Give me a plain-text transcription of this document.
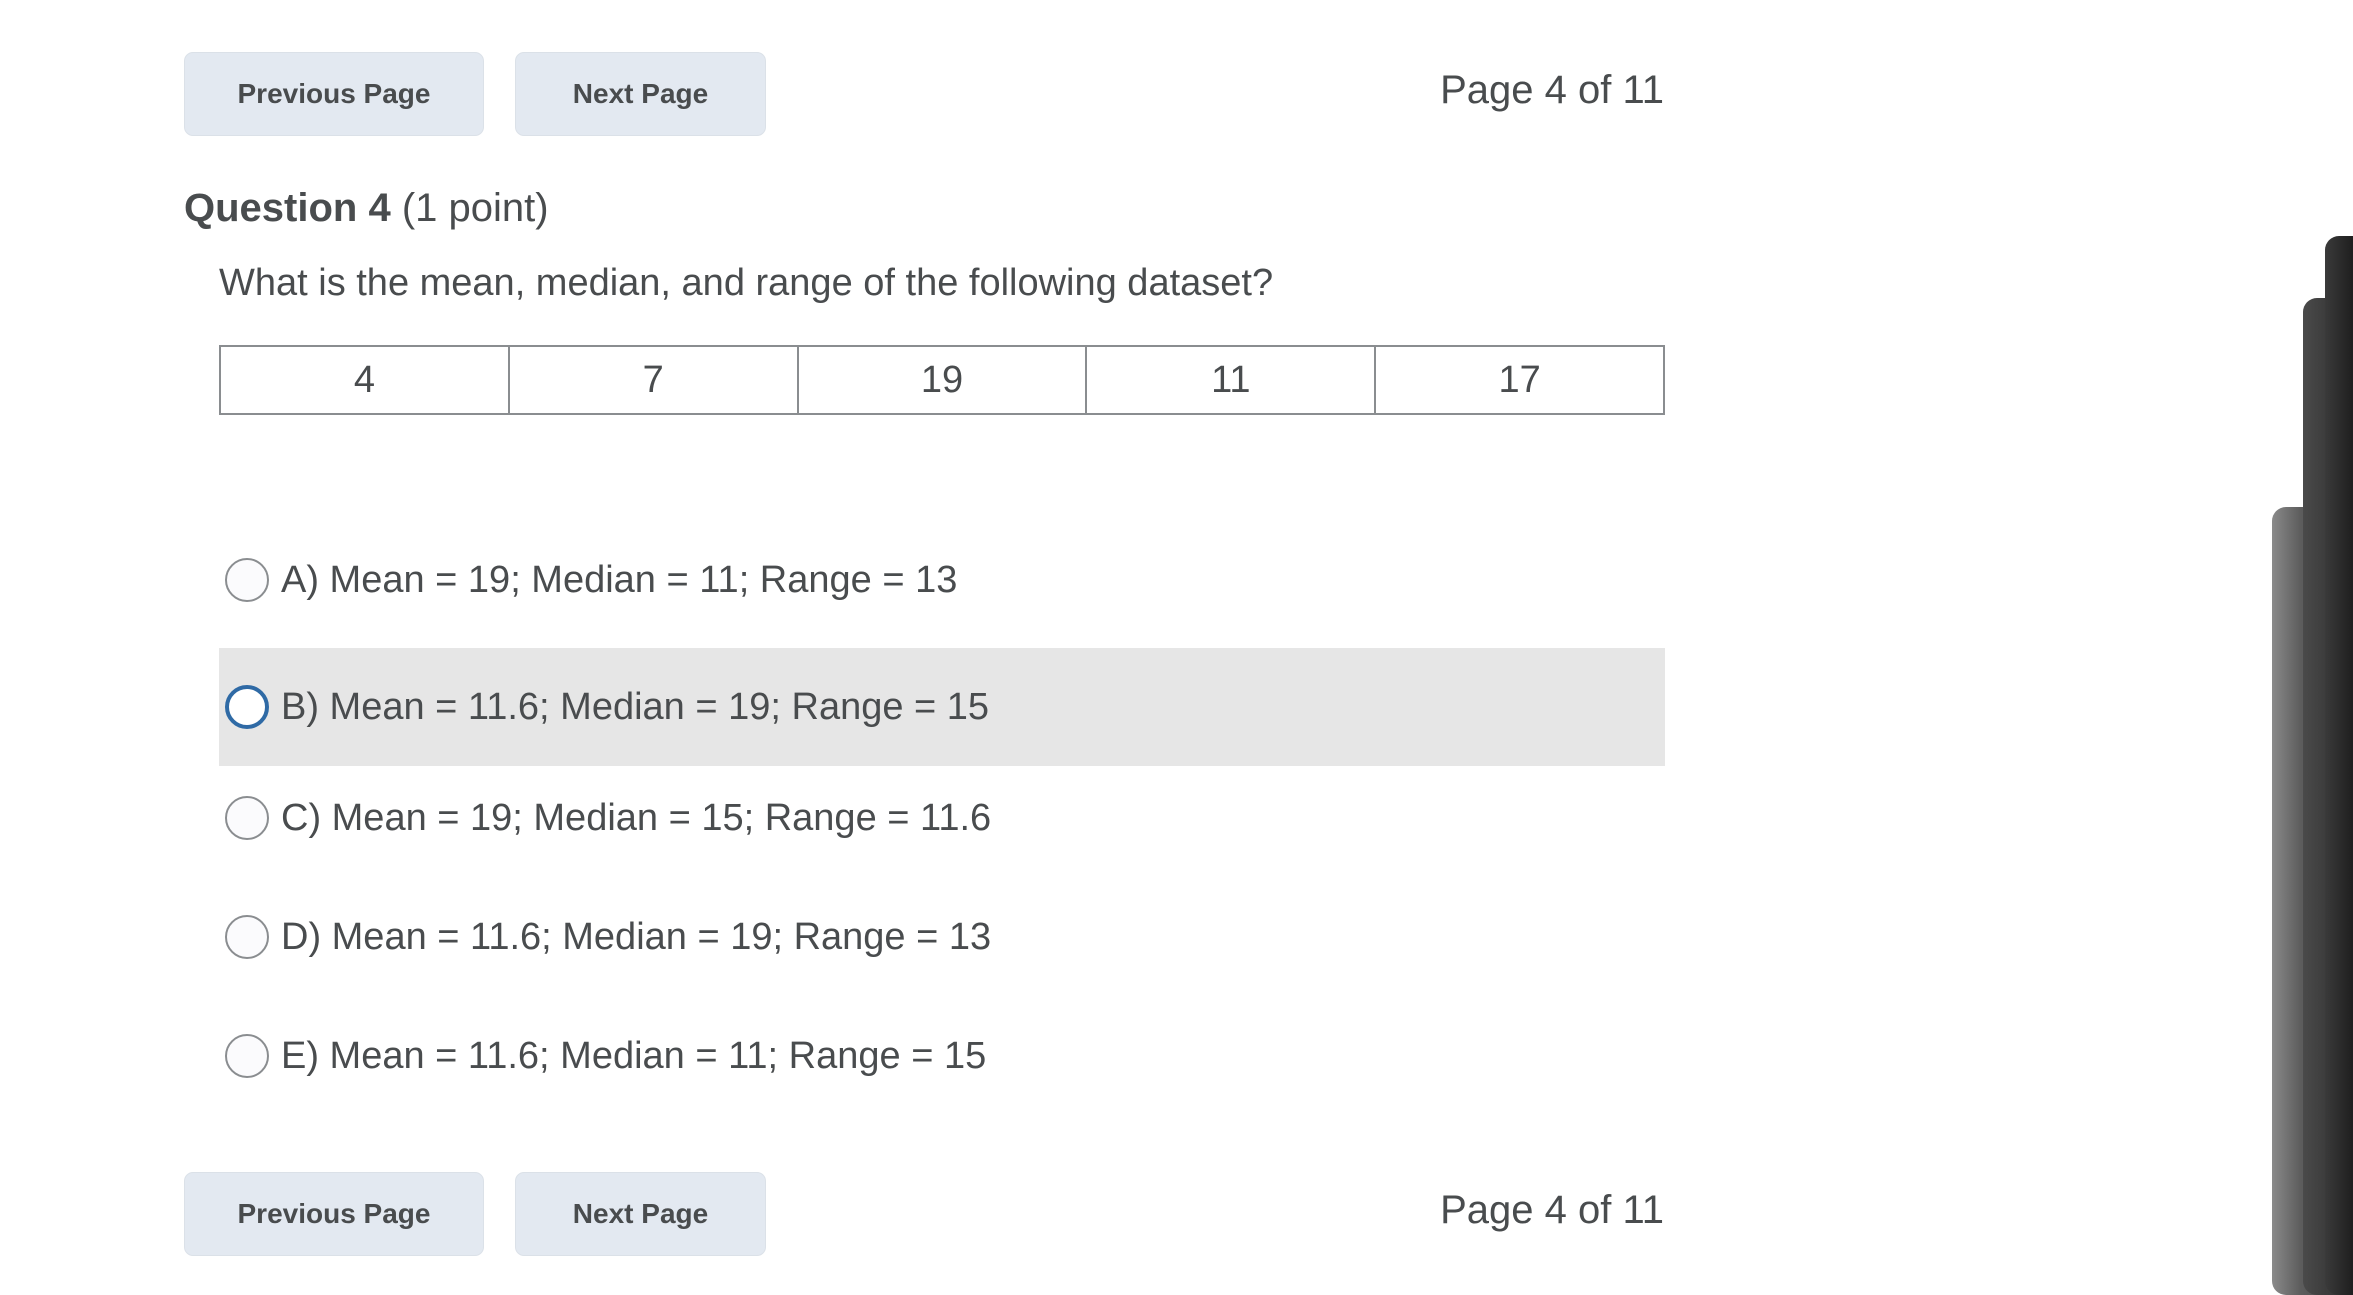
Previous Page	Next Page	Page 4 of 11
Question 4 (1 point)
What is the mean, median, and range of the following dataset?
4	7	19	11	17
A) Mean = 19; Median = 11; Range = 13
B) Mean = 11.6; Median = 19; Range = 15
C) Mean = 19; Median = 15; Range = 11.6
D) Mean = 11.6; Median = 19; Range = 13
E) Mean = 11.6; Median = 11; Range = 15
Previous Page	Next Page	Page 4 of 11
